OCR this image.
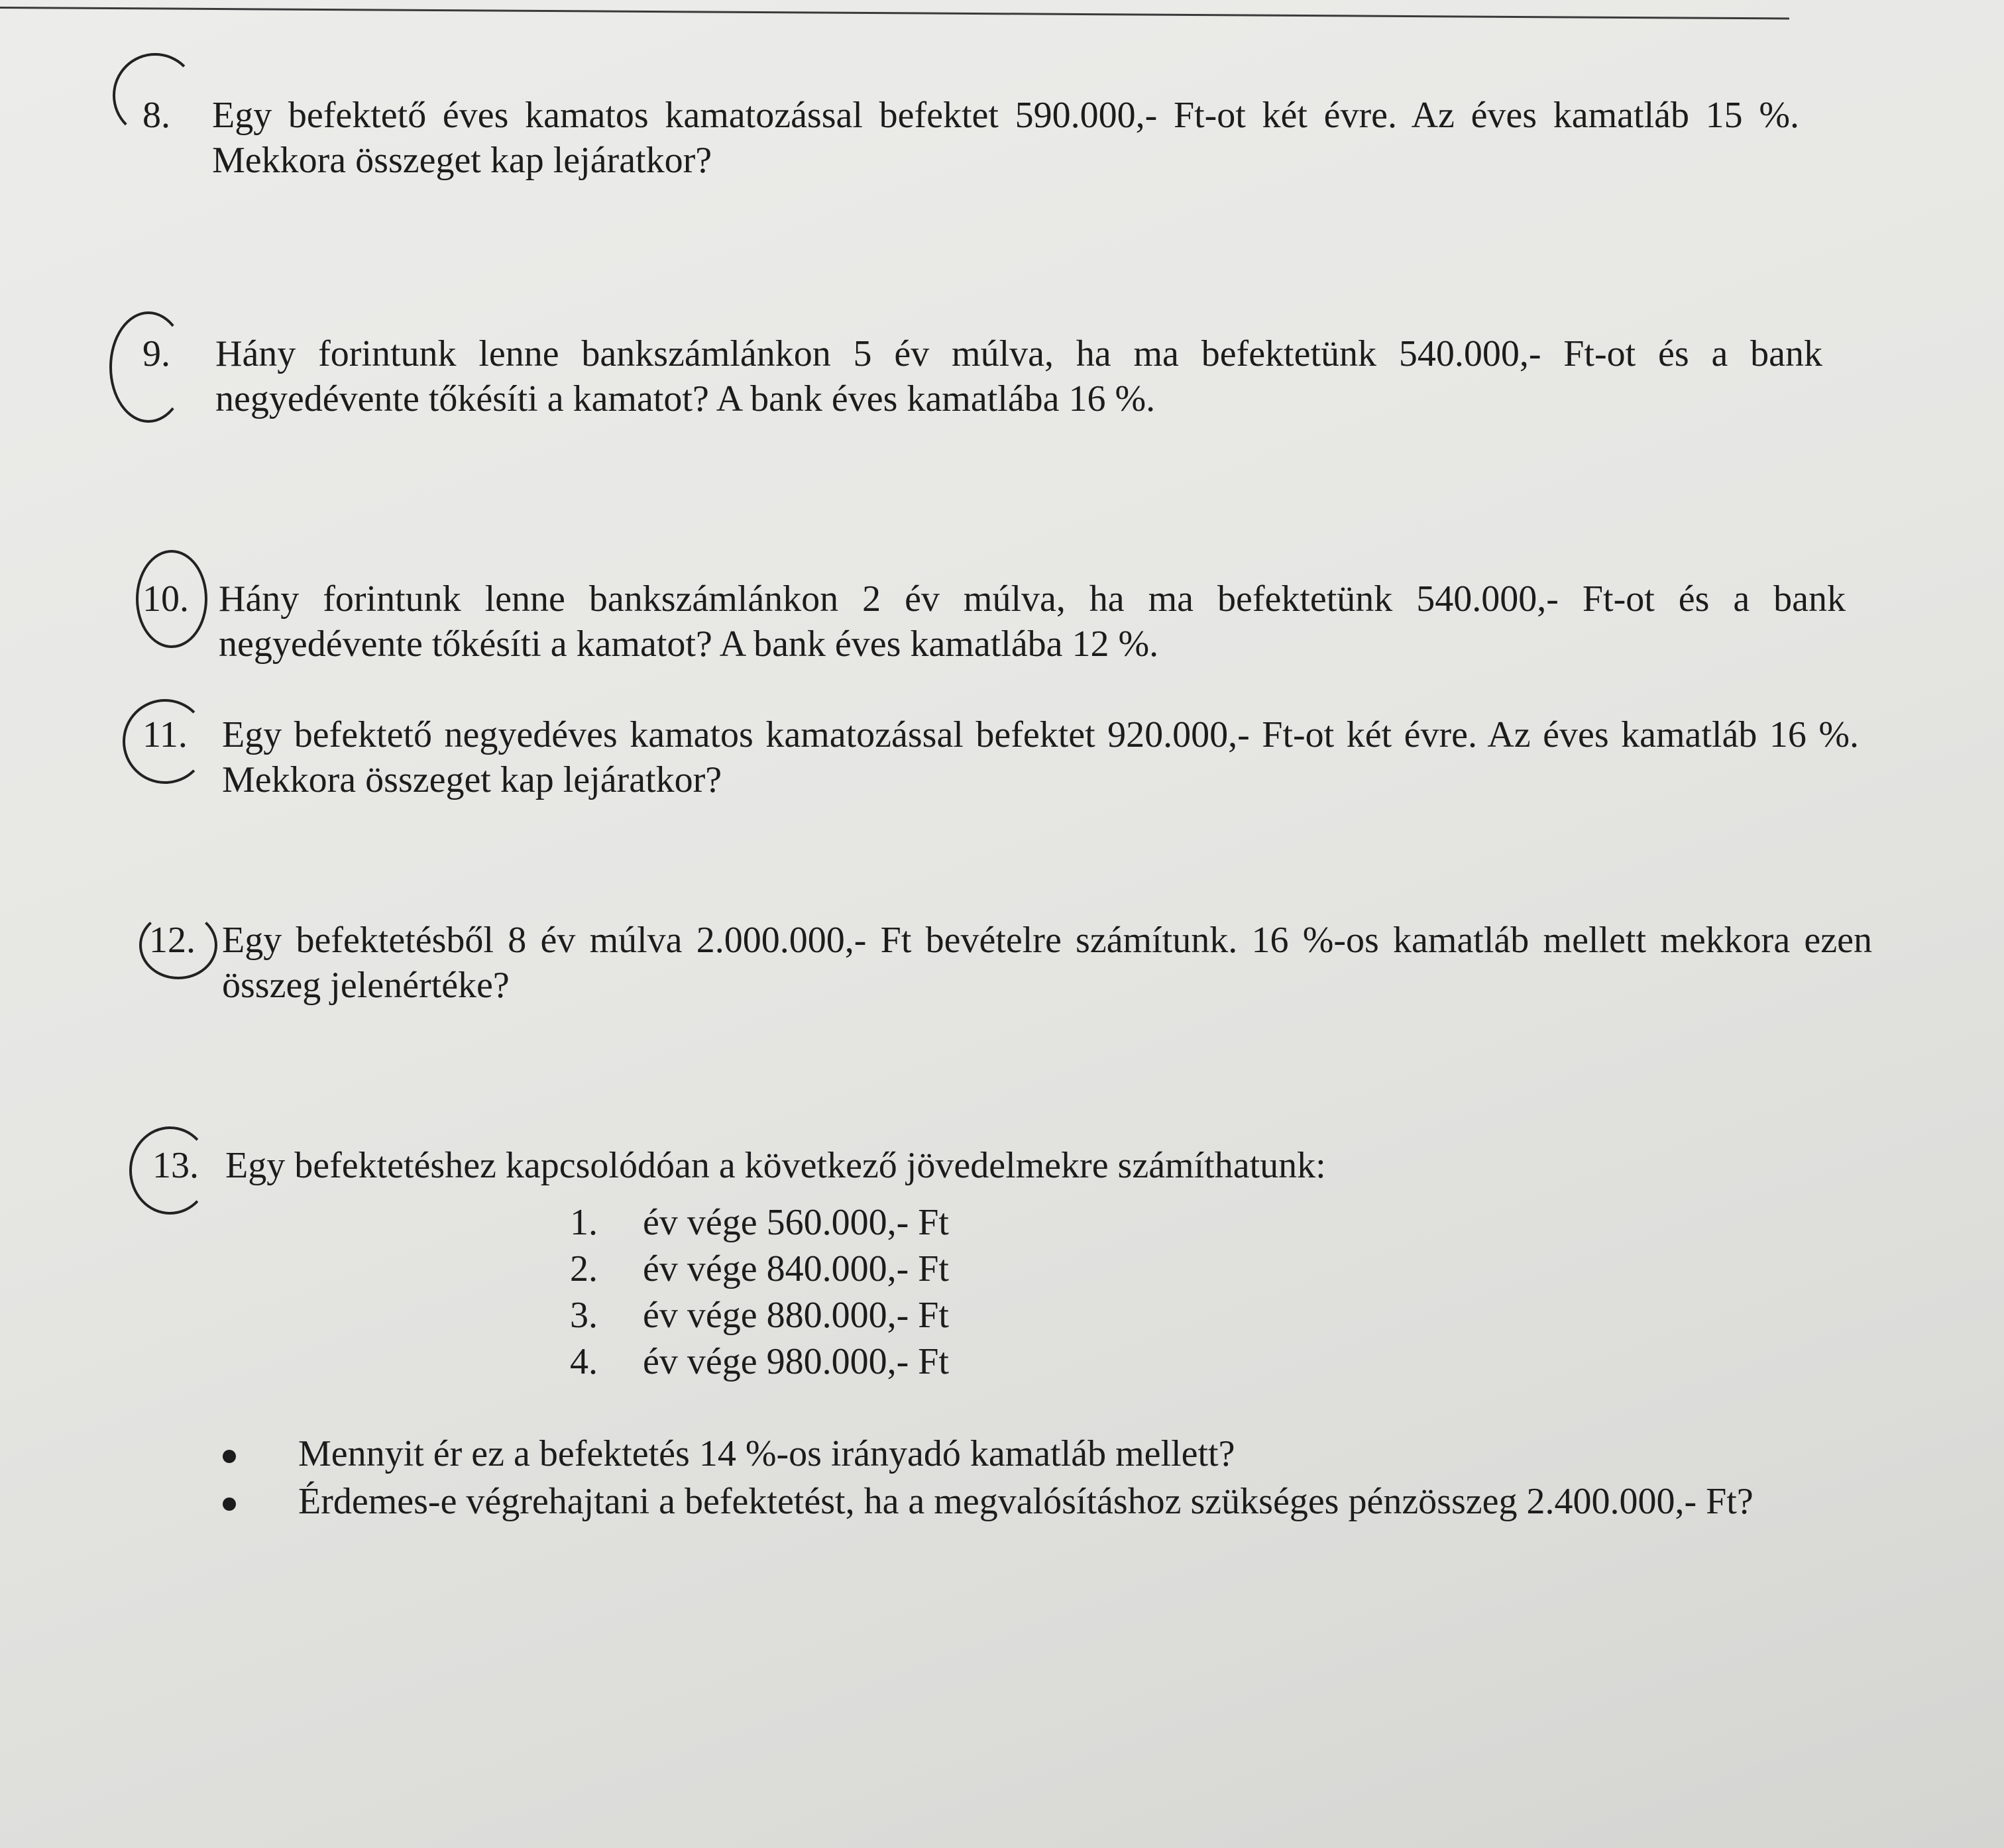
8.	Egy befektető éves kamatos kamatozással befektet 590.000,- Ft-ot két évre. Az éves kamatláb 15 %. Mekkora összeget kap lejáratkor?
9.	Hány forintunk lenne bankszámlánkon 5 év múlva, ha ma befektetünk 540.000,- Ft-ot és a bank negyedévente tőkésíti a kamatot? A bank éves kamatlába 16 %.
10. Hány forintunk lenne bankszámlánkon 2 év múlva, ha ma befektetünk 540.000,- Ft-ot és a bank negyedévente tőkésíti a kamatot? A bank éves kamatlába 12 %.
11. Egy befektető negyedéves kamatos kamatozással befektet 920.000,- Ft-ot két évre. Az éves kamatláb 16 %. Mekkora összeget kap lejáratkor?
12. Egy befektetésből 8 év múlva 2.000.000,- Ft bevételre számítunk. 16 %-os kamatláb mellett mekkora ezen összeg jelenértéke?
13. Egy befektetéshez kapcsolódóan a következő jövedelmekre számíthatunk:
1.	év vége 560.000,- Ft
2.	év vége 840.000,- Ft
3.	év vége 880.000,- Ft
4.	év vége 980.000,- Ft
Mennyit ér ez a befektetés 14 %-os irányadó kamatláb mellett?
Érdemes-e végrehajtani a befektetést, ha a megvalósításhoz szükséges pénzösszeg 2.400.000,- Ft?
